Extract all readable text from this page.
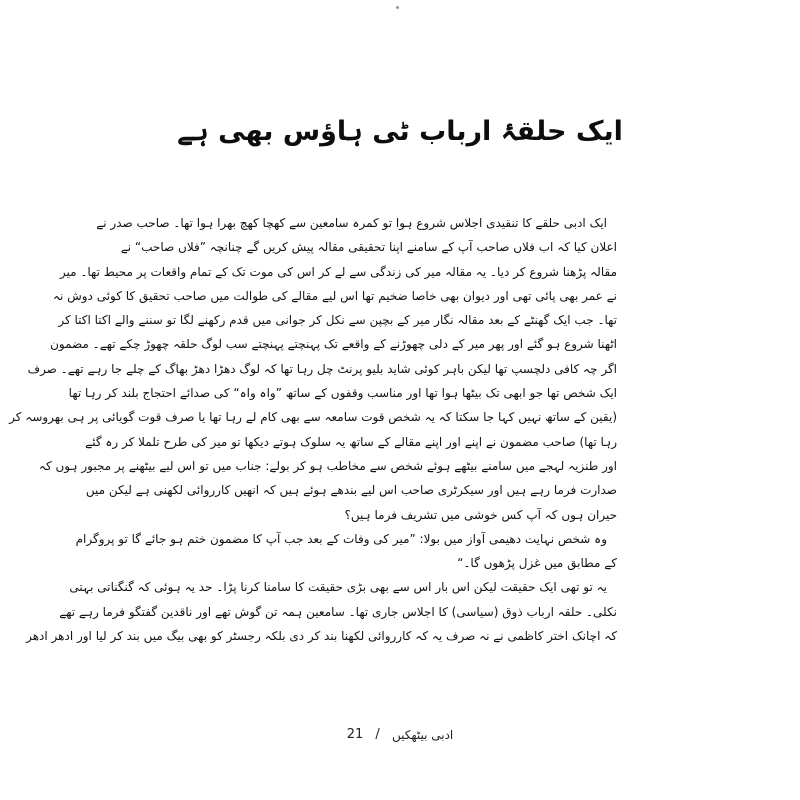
ایک حلقۂ ارباب ٹی ہاؤس بھی ہے
ایک ادبی حلقے کا تنقیدی اجلاس شروع ہوا تو کمرہ سامعین سے کھچا کھچ بھرا ہوا تھا۔ صاحب صدر نے
اعلان کیا کہ اب فلاں صاحب آپ کے سامنے اپنا تحقیقی مقالہ پیش کریں گے چنانچہ ”فلاں صاحب“ نے
مقالہ پڑھنا شروع کر دیا۔ یہ مقالہ میر کی زندگی سے لے کر اس کی موت تک کے تمام واقعات پر محیط تھا۔ میر
نے عمر بھی پائی تھی اور دیوان بھی خاصا ضخیم تھا اس لیے مقالے کی طوالت میں صاحب تحقیق کا کوئی دوش نہ
تھا۔ جب ایک گھنٹے کے بعد مقالہ نگار میر کے بچپن سے نکل کر جوانی میں قدم رکھنے لگا تو سننے والے اکتا اکتا کر
اٹھنا شروع ہو گئے اور پھر میر کے دلی چھوڑنے کے واقعے تک پہنچتے پہنچتے سب لوگ حلقہ چھوڑ چکے تھے۔ مضمون
اگر چہ کافی دلچسپ تھا لیکن باہر کوئی شاید بلیو پرنٹ چل رہا تھا کہ لوگ دھڑا دھڑ بھاگ کے چلے جا رہے تھے۔ صرف
ایک شخص تھا جو ابھی تک بیٹھا ہوا تھا اور مناسب وقفوں کے ساتھ ”واہ واہ“ کی صدائے احتجاج بلند کر رہا تھا
(یقین کے ساتھ نہیں کہا جا سکتا کہ یہ شخص قوت سامعہ سے بھی کام لے رہا تھا یا صرف قوت گویائی پر ہی بھروسہ کر
رہا تھا) صاحب مضمون نے اپنے اور اپنے مقالے کے ساتھ یہ سلوک ہوتے دیکھا تو میر کی طرح تلملا کر رہ گئے
اور طنزیہ لہجے میں سامنے بیٹھے ہوئے شخص سے مخاطب ہو کر بولے: جناب میں تو اس لیے بیٹھنے پر مجبور ہوں کہ
صدارت فرما رہے ہیں اور سیکرٹری صاحب اس لیے بندھے ہوئے ہیں کہ انھیں کارروائی لکھنی ہے لیکن میں
حیران ہوں کہ آپ کس خوشی میں تشریف فرما ہیں؟
وہ شخص نہایت دھیمی آواز میں بولا: ”میر کی وفات کے بعد جب آپ کا مضمون ختم ہو جائے گا تو پروگرام
کے مطابق میں غزل پڑھوں گا۔“
یہ تو تھی ایک حقیقت لیکن اس بار اس سے بھی بڑی حقیقت کا سامنا کرنا پڑا۔ حد یہ ہوئی کہ گنگناتی بہتی
نکلی۔ حلقہ ارباب ذوق (سیاسی) کا اجلاس جاری تھا۔ سامعین ہمہ تن گوش تھے اور ناقدین گفتگو فرما رہے تھے
کہ اچانک اختر کاظمی نے نہ صرف یہ کہ کارروائی لکھنا بند کر دی بلکہ رجسٹر کو بھی بیگ میں بند کر لیا اور ادھر ادھر
21 / ادبی بیٹھکیں
